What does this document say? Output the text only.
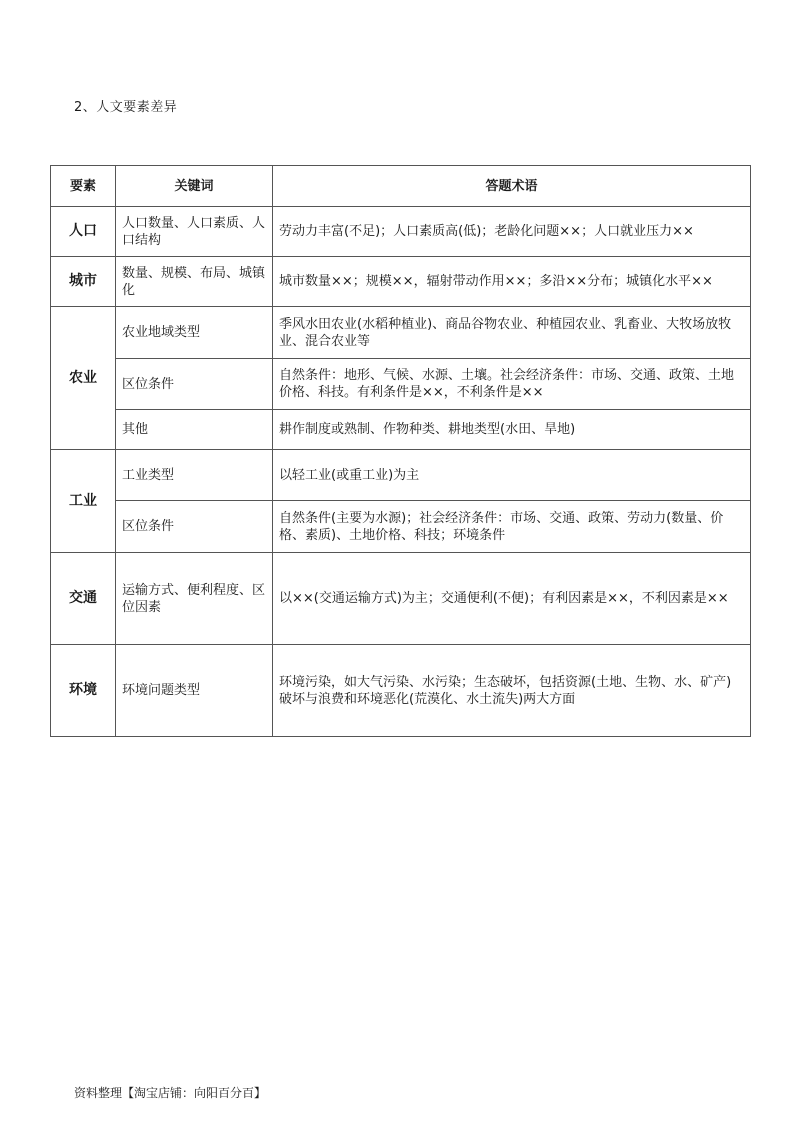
2、人文要素差异
要素	关键词	答题术语
人口	人口数量、人口素质、人口结构	劳动力丰富(不足)；人口素质高(低)；老龄化问题××；人口就业压力××
城市	数量、规模、布局、城镇化	城市数量××；规模××，辐射带动作用××；多沿××分布；城镇化水平××
农业	农业地域类型	季风水田农业(水稻种植业)、商品谷物农业、种植园农业、乳畜业、大牧场放牧业、混合农业等
	区位条件	自然条件：地形、气候、水源、土壤。社会经济条件：市场、交通、政策、土地价格、科技。有利条件是××，不利条件是××
	其他	耕作制度或熟制、作物种类、耕地类型(水田、旱地)
工业	工业类型	以轻工业(或重工业)为主
	区位条件	自然条件(主要为水源)；社会经济条件：市场、交通、政策、劳动力(数量、价格、素质)、土地价格、科技；环境条件
交通	运输方式、便利程度、区位因素	以××(交通运输方式)为主；交通便利(不便)；有利因素是××，不利因素是××
环境	环境问题类型	环境污染，如大气污染、水污染；生态破坏，包括资源(土地、生物、水、矿产)破坏与浪费和环境恶化(荒漠化、水土流失)两大方面
资料整理【淘宝店铺：向阳百分百】
